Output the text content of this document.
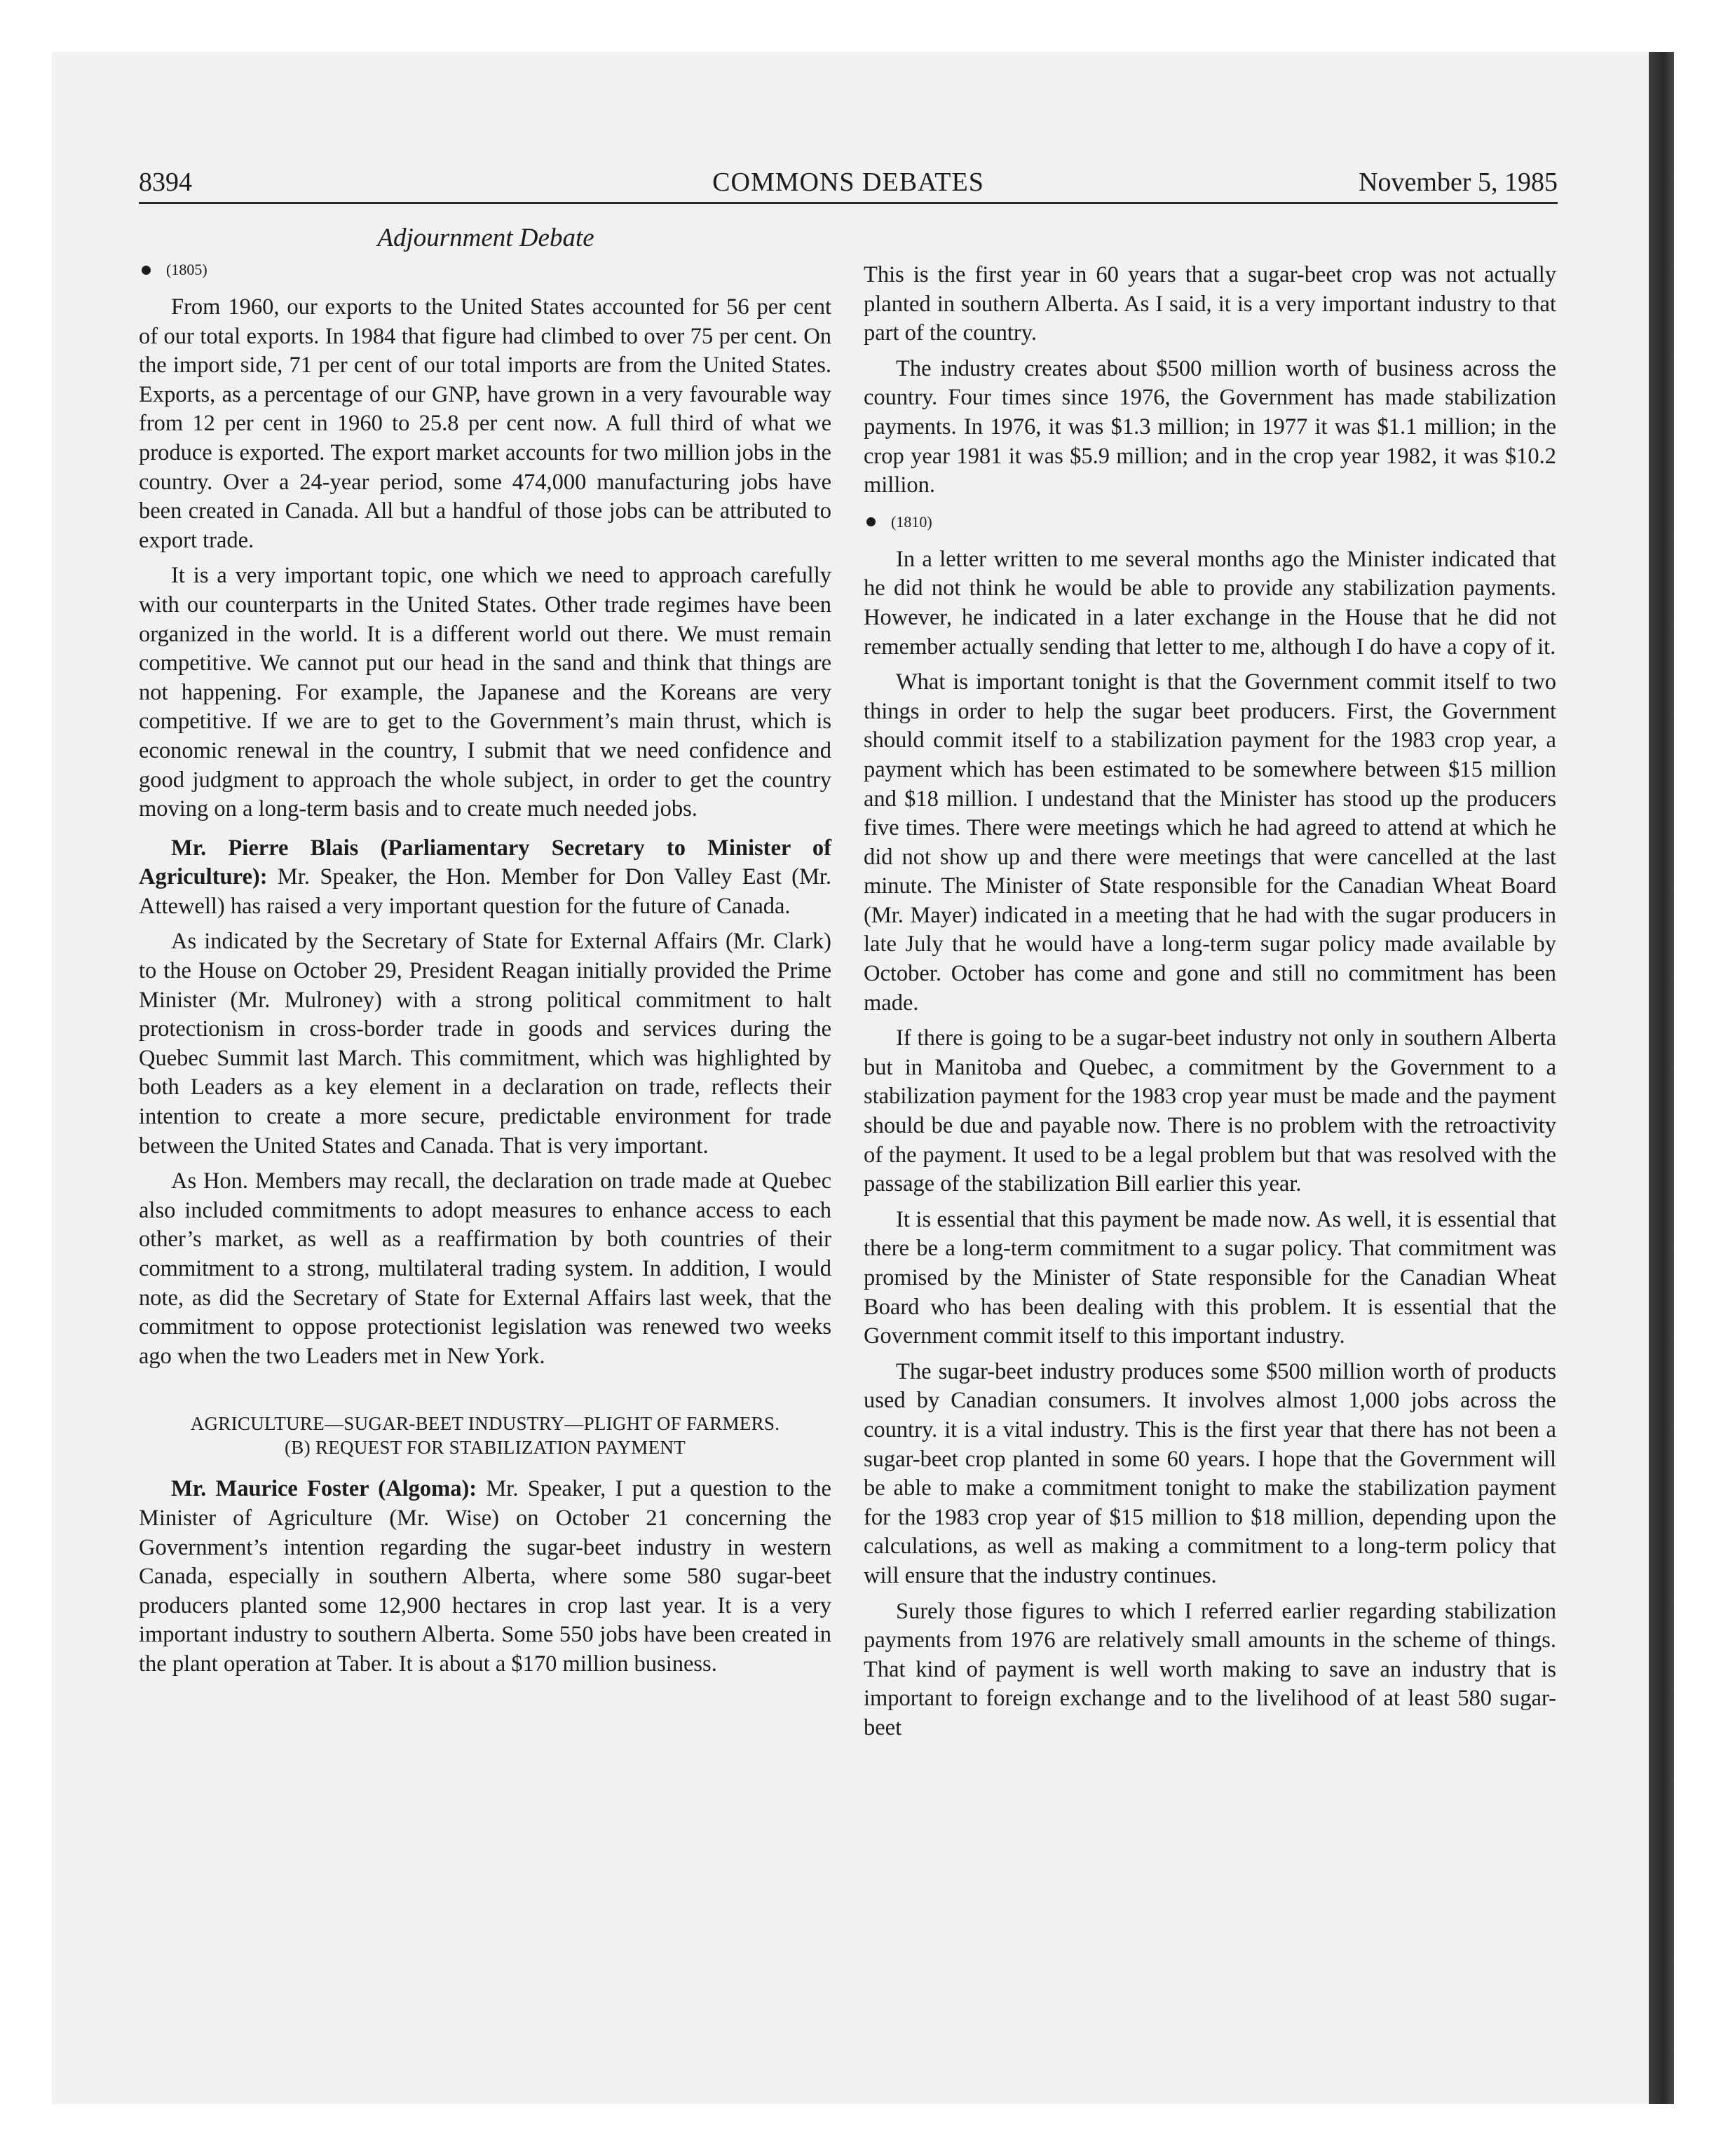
8394	COMMONS DEBATES	November 5, 1985
Adjournment Debate
(1805)

From 1960, our exports to the United States accounted for 56 per cent of our total exports. In 1984 that figure had climbed to over 75 per cent. On the import side, 71 per cent of our total imports are from the United States. Exports, as a percentage of our GNP, have grown in a very favourable way from 12 per cent in 1960 to 25.8 per cent now. A full third of what we produce is exported. The export market accounts for two million jobs in the country. Over a 24-year period, some 474,000 manufacturing jobs have been created in Canada. All but a handful of those jobs can be attributed to export trade.

It is a very important topic, one which we need to approach carefully with our counterparts in the United States. Other trade regimes have been organized in the world. It is a different world out there. We must remain competitive. We cannot put our head in the sand and think that things are not happening. For example, the Japanese and the Koreans are very competitive. If we are to get to the Government’s main thrust, which is economic renewal in the country, I submit that we need confidence and good judgment to approach the whole subject, in order to get the country moving on a long-term basis and to create much needed jobs.

Mr. Pierre Blais (Parliamentary Secretary to Minister of Agriculture): Mr. Speaker, the Hon. Member for Don Valley East (Mr. Attewell) has raised a very important question for the future of Canada.

As indicated by the Secretary of State for External Affairs (Mr. Clark) to the House on October 29, President Reagan initially provided the Prime Minister (Mr. Mulroney) with a strong political commitment to halt protectionism in cross-border trade in goods and services during the Quebec Summit last March. This commitment, which was highlighted by both Leaders as a key element in a declaration on trade, reflects their intention to create a more secure, predictable environment for trade between the United States and Canada. That is very important.

As Hon. Members may recall, the declaration on trade made at Quebec also included commitments to adopt measures to enhance access to each other’s market, as well as a reaffirmation by both countries of their commitment to a strong, multilateral trading system. In addition, I would note, as did the Secretary of State for External Affairs last week, that the commitment to oppose protectionist legislation was renewed two weeks ago when the two Leaders met in New York.

AGRICULTURE—SUGAR-BEET INDUSTRY—PLIGHT OF FARMERS.
(B) REQUEST FOR STABILIZATION PAYMENT

Mr. Maurice Foster (Algoma): Mr. Speaker, I put a question to the Minister of Agriculture (Mr. Wise) on October 21 concerning the Government’s intention regarding the sugar-beet industry in western Canada, especially in southern Alberta, where some 580 sugar-beet producers planted some 12,900 hectares in crop last year. It is a very important industry to southern Alberta. Some 550 jobs have been created in the plant operation at Taber. It is about a $170 million business.

This is the first year in 60 years that a sugar-beet crop was not actually planted in southern Alberta. As I said, it is a very important industry to that part of the country.

The industry creates about $500 million worth of business across the country. Four times since 1976, the Government has made stabilization payments. In 1976, it was $1.3 million; in 1977 it was $1.1 million; in the crop year 1981 it was $5.9 million; and in the crop year 1982, it was $10.2 million.

(1810)

In a letter written to me several months ago the Minister indicated that he did not think he would be able to provide any stabilization payments. However, he indicated in a later exchange in the House that he did not remember actually sending that letter to me, although I do have a copy of it.

What is important tonight is that the Government commit itself to two things in order to help the sugar beet producers. First, the Government should commit itself to a stabilization payment for the 1983 crop year, a payment which has been estimated to be somewhere between $15 million and $18 million. I undestand that the Minister has stood up the producers five times. There were meetings which he had agreed to attend at which he did not show up and there were meetings that were cancelled at the last minute. The Minister of State responsible for the Canadian Wheat Board (Mr. Mayer) indicated in a meeting that he had with the sugar producers in late July that he would have a long-term sugar policy made available by October. October has come and gone and still no commitment has been made.

If there is going to be a sugar-beet industry not only in southern Alberta but in Manitoba and Quebec, a commitment by the Government to a stabilization payment for the 1983 crop year must be made and the payment should be due and payable now. There is no problem with the retroactivity of the payment. It used to be a legal problem but that was resolved with the passage of the stabilization Bill earlier this year.

It is essential that this payment be made now. As well, it is essential that there be a long-term commitment to a sugar policy. That commitment was promised by the Minister of State responsible for the Canadian Wheat Board who has been dealing with this problem. It is essential that the Government commit itself to this important industry.

The sugar-beet industry produces some $500 million worth of products used by Canadian consumers. It involves almost 1,000 jobs across the country. it is a vital industry. This is the first year that there has not been a sugar-beet crop planted in some 60 years. I hope that the Government will be able to make a commitment tonight to make the stabilization payment for the 1983 crop year of $15 million to $18 million, depending upon the calculations, as well as making a commitment to a long-term policy that will ensure that the industry continues.

Surely those figures to which I referred earlier regarding stabilization payments from 1976 are relatively small amounts in the scheme of things. That kind of payment is well worth making to save an industry that is important to foreign exchange and to the livelihood of at least 580 sugar-beet
